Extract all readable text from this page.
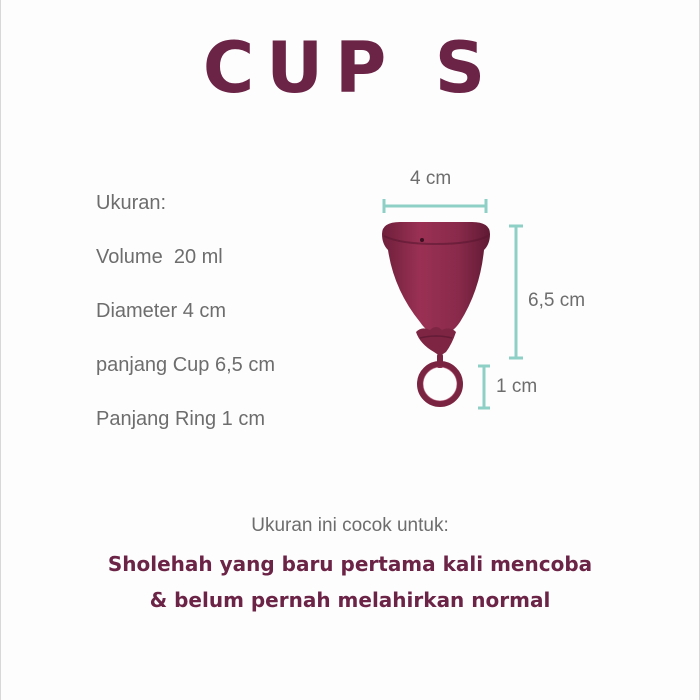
CUP S
Ukuran:
Volume  20 ml
Diameter 4 cm
panjang Cup 6,5 cm
Panjang Ring 1 cm
4 cm
6,5 cm
1 cm
Ukuran ini cocok untuk:
Sholehah yang baru pertama kali mencoba
& belum pernah melahirkan normal
